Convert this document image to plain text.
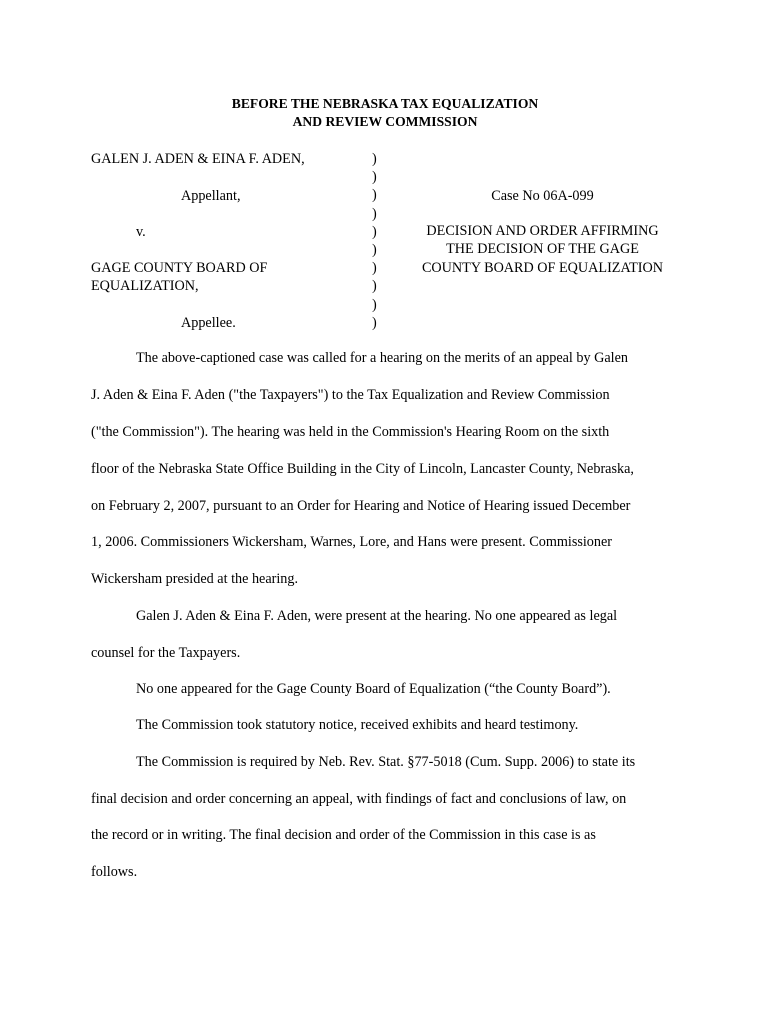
BEFORE THE NEBRASKA TAX EQUALIZATION
AND REVIEW COMMISSION
GALEN J. ADEN & EINA F. ADEN,
Appellant,
v.
GAGE COUNTY BOARD OF
EQUALIZATION,
Appellee.
)
)
)
)
)
)
)
)
)
)
Case No 06A-099
DECISION AND ORDER AFFIRMING
THE DECISION OF THE GAGE
COUNTY BOARD OF EQUALIZATION
The above-captioned case was called for a hearing on the merits of an appeal by Galen
J. Aden & Eina F. Aden ("the Taxpayers") to the Tax Equalization and Review Commission
("the Commission"). The hearing was held in the Commission's Hearing Room on the sixth
floor of the Nebraska State Office Building in the City of Lincoln, Lancaster County, Nebraska,
on February 2, 2007, pursuant to an Order for Hearing and Notice of Hearing issued December
1, 2006. Commissioners Wickersham, Warnes, Lore, and Hans were present. Commissioner
Wickersham presided at the hearing.
Galen J. Aden & Eina F. Aden, were present at the hearing. No one appeared as legal
counsel for the Taxpayers.
No one appeared for the Gage County Board of Equalization (“the County Board”).
The Commission took statutory notice, received exhibits and heard testimony.
The Commission is required by Neb. Rev. Stat. §77-5018 (Cum. Supp. 2006) to state its
final decision and order concerning an appeal, with findings of fact and conclusions of law, on
the record or in writing. The final decision and order of the Commission in this case is as
follows.
